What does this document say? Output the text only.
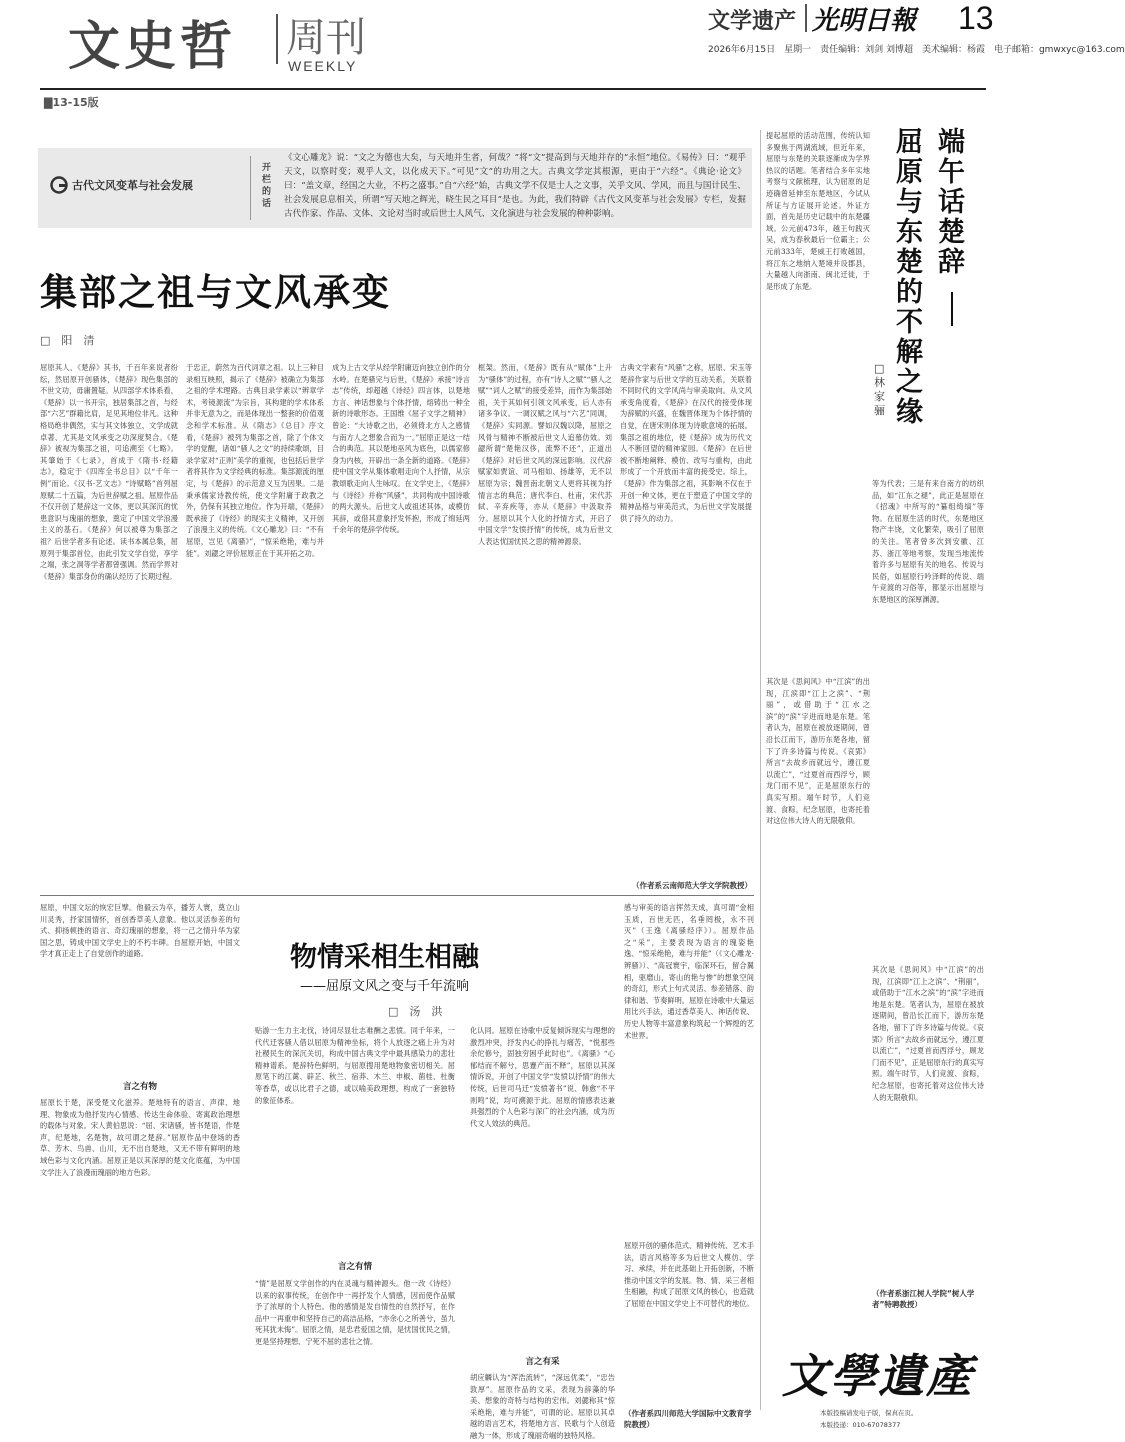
文史哲 周刊
WEEKLY
文学遗产 光明日報 13
2026年6月15日　星期一　责任编辑：刘剑 刘博超　美术编辑：杨霞　电子邮箱：gmwxyc@163.com
▇13-15版
古代文风变革与社会发展
开栏的话
《文心雕龙》说：“文之为德也大矣，与天地并生者，何哉？”将“文”提高到与天地并存的“永恒”地位。《易传》曰：“观乎天文，以察时变；观乎人文，以化成天下。”可见“文”的功用之大。古典文学定其根源，更由于“六经”。《典论·论文》曰：“盖文章，经国之大业，不朽之盛事。”自“六经”始，古典文学不仅是士人之文事，关乎文风、学风，而且与国计民生、社会发展息息相关，所谓“写天地之辉光，晓生民之耳目”是也。为此，我们特辟《古代文风变革与社会发展》专栏，发掘古代作家、作品、文体、文论对当时或后世士人风气、文化演进与社会发展的种种影响。
集部之祖与文风承变
□　阳　清
屈原其人、《楚辞》其书，千百年来说者纷纭，然屈原开创骚体，《楚辞》现色集部的不世文功，毋庸置疑。从四部学术体系看，《楚辞》以一书开宗，独居集部之首，与经部“六艺”群籍比肩，足见其地位非凡。这种格局绝非偶然，实与其文体独立、文学成就卓著、尤其是文风承变之功深度契合。《楚辞》被视为集部之祖，可追溯至《七略》。其肇始于《七录》，首成于《隋书·经籍志》，稳定于《四库全书总目》以“千年一例”而论。《汉书·艺文志》“诗赋略”首列屈原赋二十五篇，为后世辞赋之祖。屈原作品不仅开创了楚辞这一文体，更以其深沉的忧患意识与瑰丽的想象，奠定了中国文学浪漫主义的基石。《楚辞》何以被尊为集部之祖？后世学者多有论述。读书本属总集，屈原列于集部首位，由此引发文学自觉，享学之端，张之洞等学者都曾强调。然而学界对《楚辞》集部身份的确认经历了长期过程。
于忠正，蔚然为百代词章之祖。以上三种目录相互映照，揭示了《楚辞》被确立为集部之祖的学术理路。古典目录学素以“辨章学术，考镜源流”为宗旨，其构建的学术体系并非无意为之，而是体现出一整套的价值观念和学术标准。从《隋志》《总目》序文看，《楚辞》被列为集部之首，除了个体文学的觉醒，诸如“骚人之文”的持续歌颂，目录学家对“正则”美学的重视，也包括后世学者将其作为文学经典的标准。集部源流的厘定，与《楚辞》的示范意义互为因果。二是秉承儒家诗教传统，使文学附庸于政教之外，仍保有其独立地位。作为开端，《楚辞》既承接了《诗经》的现实主义精神，又开创了浪漫主义的传统。《文心雕龙》曰：“不有屈原，岂见《离骚》”，“惊采绝艳，难与并能”。刘勰之评价屈原正在于其开拓之功。
成为上古文学从经学附庸迈向独立创作的分水岭。在楚骚完与后世，《楚辞》承接“诗言志”传统，却超越《诗经》四言体，以楚地方言、神话想象与个体抒情，熔铸出一种全新的诗歌形态。王国维《屈子文学之精神》曾论：“大诗歌之出，必须倚北方人之感情与南方人之想象合而为一。”屈原正是这一结合的典范。其以楚地巫风为底色，以儒家修身为内核，开辟出一条全新的道路。《楚辞》使中国文学从集体歌唱走向个人抒情，从宗教颂歌走向人生咏叹。在文学史上，《楚辞》与《诗经》并称“风骚”，共同构成中国诗歌的两大源头。后世文人或祖述其体，或模仿其辞，或借其意象抒发怀抱，形成了绵延两千余年的楚辞学传统。
框架。然而，《楚辞》既有从“赋体”上升为“骚体”的过程，亦有“诗人之赋”“骚人之赋”“词人之赋”的接受差异，而作为集部始祖，关于其如何引领文风承变，后人亦有诸多争议。一调汉赋之风与“六艺”同调，《楚辞》实同源。譬如汉魏以降，屈原之风骨与精神不断被后世文人追慕仿效。刘勰所谓“楚艳汉侈，流弊不还”，正道出《楚辞》对后世文风的深远影响。汉代辞赋家如贾谊、司马相如、扬雄等，无不以屈原为宗；魏晋南北朝文人更将其视为抒情言志的典范；唐代李白、杜甫，宋代苏轼、辛弃疾等，亦从《楚辞》中汲取养分。屈原以其个人化的抒情方式，开启了中国文学“发愤抒情”的传统，成为后世文人表达忧国忧民之思的精神源泉。
古典文学素有“风骚”之称，屈原、宋玉等楚辞作家与后世文学的互动关系，关联着不同时代的文学风尚与审美取向。从文风承变角度看，《楚辞》在汉代的接受体现为辞赋的兴盛，在魏晋体现为个体抒情的自觉，在唐宋则体现为诗歌意境的拓展。集部之祖的地位，使《楚辞》成为历代文人不断回望的精神家园。《楚辞》在后世被不断地阐释、模仿、改写与重构，由此形成了一个开放而丰富的接受史。综上，《楚辞》作为集部之祖，其影响不仅在于开创一种文体，更在于塑造了中国文学的精神品格与审美范式，为后世文学发展提供了持久的动力。
（作者系云南师范大学文学院教授）
物情采相生相融
——屈原文风之变与千年流响
□　汤　洪
屈原，中国文坛的恢宏巨擘。他毅云为卒，播芳人寰，奠立山川灵秀，抒家国情怀，首创香草美人意象。他以灵活参差的句式、抑扬顿挫的语言、奇幻瑰丽的想象，将一己之情升华为家国之思，铸成中国文学史上的不朽丰碑。自屈原开始，中国文学才真正走上了自觉创作的道路。
言之有物
屈原长于楚，深受楚文化滋养。楚地特有的语言、声律、地理、物象成为他抒发内心情感、传达生命体验、寄寓政治理想的载体与对象。宋人黄伯思说：“屈、宋诸骚，皆书楚语，作楚声，纪楚地，名楚物，故可谓之楚辞。”屈原作品中登场的香草、芳木、鸟兽、山川，无不出自楚地，又无不带有鲜明的地域色彩与文化内涵。屈原正是以其深厚的楚文化底蕴，为中国文学注入了浪漫而瑰丽的地方色彩。
贴游一生力主北伐，诗词尽显壮志难酬之悲愤。同千年来，一代代迁客骚人借以屈原为精神坐标，将个人放逐之痛上升为对社稷民生的深沉关切，构成中国古典文学中最具感染力的悲壮精神谱系。楚辞特色鲜明，与屈原搜用楚地物象密切相关。屈原笔下的江蓠、辟芷、秋兰、宿莽、木兰、申椒、菌桂、杜衡等香草，或以比君子之德，或以喻美政理想，构成了一套独特的象征体系。
言之有情
“情”是屈原文学创作的内在灵魂与精神源头。他一改《诗经》以来的叙事传统，在创作中一再抒发个人情感，因而使作品赋予了浓厚的个人特色。他的感情是发自情性的自然抒写，在作品中一再重申和坚持自己的高洁品格，“亦余心之所善兮，虽九死其犹未悔”。屈原之情，是忠君爱国之情，是忧国忧民之情，更是坚持理想、宁死不屈的悲壮之情。
化认同。屈原在诗歌中反复倾诉现实与理想的激烈冲突，抒发内心的挣扎与痛苦，“悦那些余佗修兮，固独穷困乎此时也”。《离骚》“心郁结而不解兮，思蹇产而不释”，屈原以其深情诉说，开创了中国文学“发愤以抒情”的伟大传统，后世司马迁“发愤著书”说、韩愈“不平则鸣”说，均可溯源于此。屈原的情感表达兼具强烈的个人色彩与深广的社会内涵，成为历代文人效法的典范。
言之有采
胡应麟认为“浑浩流转”，“深远优柔”，“忠告敦厚”。屈原作品的文采，表现为辞藻的华美、想象的奇特与结构的宏伟。刘勰称其“惊采绝艳，难与并能”，可谓的论。屈原以其卓越的语言艺术，将楚地方言、民歌与个人创造融为一体，形成了瑰丽奇崛的独特风格。
感与审美的语言挥然天成，真可谓“金相玉质，百世无匹，名垂罔极，永不刊灭”（王逸《离骚经序》）。屈原作品之“采”，主要表现为语言的瑰姿艳逸、“惊采绝艳，难与并能”（《文心雕龙·辨骚》）、“高冠寰宇，临深环石，留合翼相，驱磨山，寄山的艳与惨”的想象空间的奇幻，形式上句式灵活、参差错落、韵律和谐、节奏鲜明。屈原在诗歌中大量运用比兴手法，通过香草美人、神话传说、历史人物等丰富意象构筑起一个辉煌的艺术世界。
屈原开创的骚体范式、精神传统、艺术手法，语言风格等多为后世文人模仿、学习、承续，并在此基础上开拓创新，不断推动中国文学的发展。物、情、采三者相生相融，构成了屈原文风的核心，也造就了屈原在中国文学史上不可替代的地位。
（作者系四川师范大学国际中文教育学院教授）
端午话楚辞
屈原与东楚的不解之缘
□　林家骊
提起屈原的活动范围，传统认知多聚焦于两湖流域，但近年来，屈原与东楚的关联逐渐成为学界热议的话题。笔者结合多年实地考察与文献梳理，认为屈原的足迹确曾延伸至东楚地区，今试从所证与方证展开论述。外证方面，首先是历史记载中的东楚疆域。公元前473年，越王句践灭吴，成为春秋最后一位霸主；公元前333年，楚威王打败越国，将江东之地纳入楚境并设郡县，大量越人向浙南、闽北迁徙，于是形成了东楚。
等为代表；三是有来自南方的纺织品，如“江东之褪”，此正是屈原在《招魂》中所写的“纂组绮缟”等物。在屈原生活的时代，东楚地区物产丰饶，文化繁荣，吸引了屈原的关注。笔者曾多次到安徽、江苏、浙江等地考察，发现当地流传着许多与屈原有关的地名、传说与民俗，如屈原行吟泽畔的传说、端午竞渡的习俗等，都显示出屈原与东楚地区的深厚渊源。
其次是《思间风》中“江滨”的出现，江滨即“江上之滨”、“荆丽”，或借助于“江水之滨”的“滨”字进而地是东楚。笔者认为，屈原在被放逐期间，曾沿长江而下，游历东楚各地，留下了许多诗篇与传说。《哀郢》所言“去故乡而就远兮，遵江夏以流亡”，“过夏首而西浮兮，顾龙门而不见”，正是屈原东行的真实写照。端午时节，人们竞渡、食粽，纪念屈原，也寄托着对这位伟大诗人的无限敬仰。
其次是《思间风》中“江滨”的出现，江滨即“江上之滨”、“荆丽”，或借助于“江水之滨”的“滨”字进而地是东楚。笔者认为，屈原在被放逐期间，曾沿长江而下，游历东楚各地，留下了许多诗篇与传说。《哀郢》所言“去故乡而就远兮，遵江夏以流亡”，“过夏首而西浮兮，顾龙门而不见”，正是屈原东行的真实写照。端午时节，人们竞渡、食粽，纪念屈原，也寄托着对这位伟大诗人的无限敬仰。
（作者系浙江树人学院“树人学者”特聘教授）
文學遺產
本版投稿请发电子版，保真在页。
本版投递：010-67078377
